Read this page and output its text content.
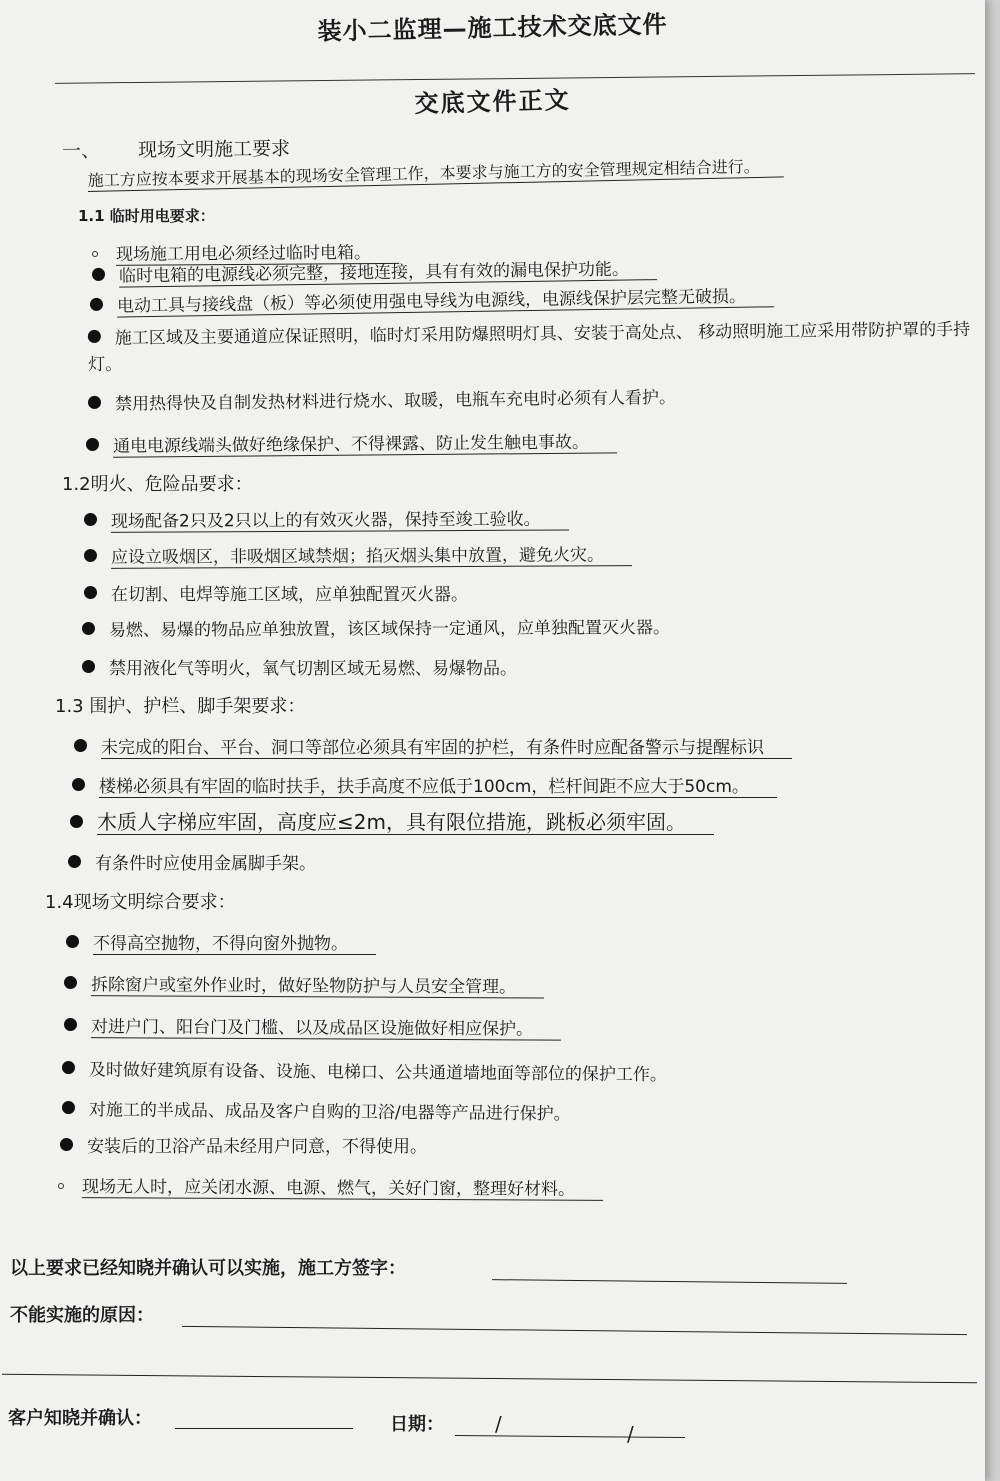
装小二监理—施工技术交底文件
交底文件正文
一、 现场文明施工要求
施工方应按本要求开展基本的现场安全管理工作，本要求与施工方的安全管理规定相结合进行。
1.1 临时用电要求：
现场施工用电必须经过临时电箱。
临时电箱的电源线必须完整，接地连接，具有有效的漏电保护功能。
电动工具与接线盘（板）等必须使用强电导线为电源线，电源线保护层完整无破损。
施工区域及主要通道应保证照明，临时灯采用防爆照明灯具、安装于高处点、 移动照明施工应采用带防护罩的手持灯。
禁用热得快及自制发热材料进行烧水、取暖，电瓶车充电时必须有人看护。
通电电源线端头做好绝缘保护、不得裸露、防止发生触电事故。
1.2明火、危险品要求：
现场配备2只及2只以上的有效灭火器，保持至竣工验收。
应设立吸烟区，非吸烟区域禁烟；掐灭烟头集中放置，避免火灾。
在切割、电焊等施工区域，应单独配置灭火器。
易燃、易爆的物品应单独放置，该区域保持一定通风，应单独配置灭火器。
禁用液化气等明火，氧气切割区域无易燃、易爆物品。
1.3 围护、护栏、脚手架要求：
未完成的阳台、平台、洞口等部位必须具有牢固的护栏，有条件时应配备警示与提醒标识
楼梯必须具有牢固的临时扶手，扶手高度不应低于100cm，栏杆间距不应大于50cm。
木质人字梯应牢固，高度应≤2m，具有限位措施，跳板必须牢固。
有条件时应使用金属脚手架。
1.4现场文明综合要求：
不得高空抛物，不得向窗外抛物。
拆除窗户或室外作业时，做好坠物防护与人员安全管理。
对进户门、阳台门及门槛、以及成品区设施做好相应保护。
及时做好建筑原有设备、设施、电梯口、公共通道墙地面等部位的保护工作。
对施工的半成品、成品及客户自购的卫浴/电器等产品进行保护。
安装后的卫浴产品未经用户同意，不得使用。
现场无人时，应关闭水源、电源、燃气，关好门窗，整理好材料。
以上要求已经知晓并确认可以实施，施工方签字：
不能实施的原因：
客户知晓并确认：	日期：	/	/
